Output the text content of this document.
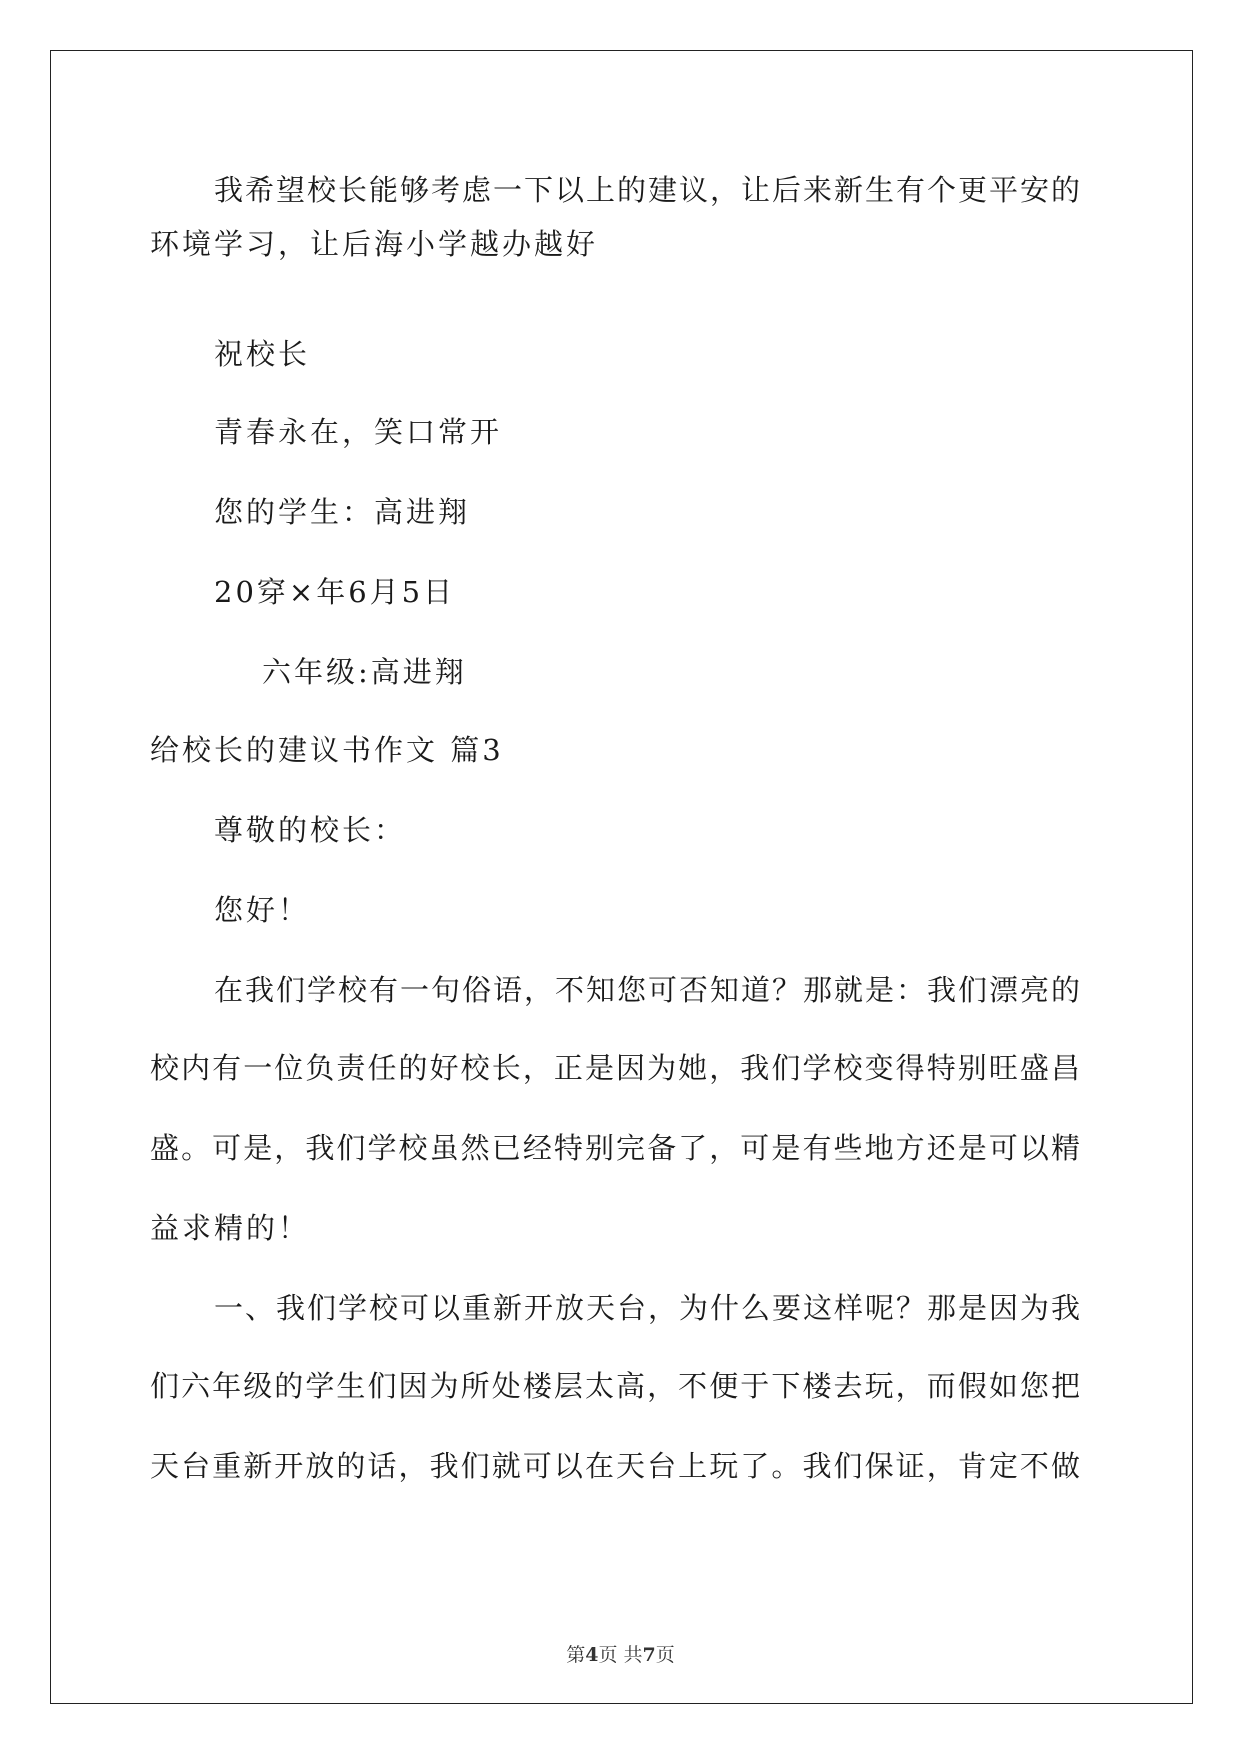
我希望校长能够考虑一下以上的建议，让后来新生有个更平安的
环境学习，让后海小学越办越好
祝校长
青春永在，笑口常开
您的学生：高进翔
20穿×年6月5日
六年级:高进翔
给校长的建议书作文 篇3
尊敬的校长：
您好！
在我们学校有一句俗语，不知您可否知道？那就是：我们漂亮的
校内有一位负责任的好校长，正是因为她，我们学校变得特别旺盛昌
盛。可是，我们学校虽然已经特别完备了，可是有些地方还是可以精
益求精的！
一、我们学校可以重新开放天台，为什么要这样呢？那是因为我
们六年级的学生们因为所处楼层太高，不便于下楼去玩，而假如您把
天台重新开放的话，我们就可以在天台上玩了。我们保证，肯定不做
第4页 共7页
